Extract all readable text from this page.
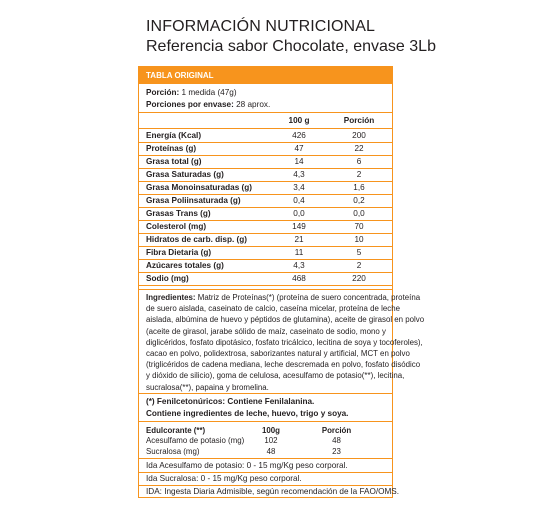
INFORMACIÓN NUTRICIONAL
Referencia sabor Chocolate, envase 3Lb
TABLA ORIGINAL
Porción: 1 medida (47g)
Porciones por envase: 28 aprox.
100 g	Porción
Energía (Kcal)	426	200
Proteínas (g)	47	22
Grasa total (g)	14	6
Grasa Saturadas (g)	4,3	2
Grasa Monoinsaturadas (g)	3,4	1,6
Grasa Poliinsaturada (g)	0,4	0,2
Grasas Trans (g)	0,0	0,0
Colesterol (mg)	149	70
Hidratos de carb. disp. (g)	21	10
Fibra Dietaria (g)	11	5
Azúcares totales (g)	4,3	2
Sodio (mg)	468	220
Ingredientes: Matriz de Proteínas(*) (proteína de suero concentrada, proteína
de suero aislada, caseinato de calcio, caseína micelar, proteína de leche
aislada, albúmina de huevo y péptidos de glutamina), aceite de girasol en polvo
(aceite de girasol, jarabe sólido de maíz, caseinato de sodio, mono y
diglicéridos, fosfato dipotásico, fosfato tricálcico, lecitina de soya y tocoferoles),
cacao en polvo, polidextrosa, saborizantes natural y artificial, MCT en polvo
(triglicéridos de cadena mediana, leche descremada en polvo, fosfato disódico
y dióxido de silicio), goma de celulosa, acesulfamo de potasio(**), lecitina,
sucralosa(**), papaina y bromelina.
(*) Fenilcetonúricos: Contiene Fenilalanina.
Contiene ingredientes de leche, huevo, trigo y soya.
Edulcorante (**)	100g	Porción
Acesulfamo de potasio (mg)	102	48
Sucralosa (mg)	48	23
Ida Acesulfamo de potasio: 0 - 15 mg/Kg peso corporal.
Ida Sucralosa: 0 - 15 mg/Kg peso corporal.
IDA: Ingesta Diaria Admisible, según recomendación de la FAO/OMS.
